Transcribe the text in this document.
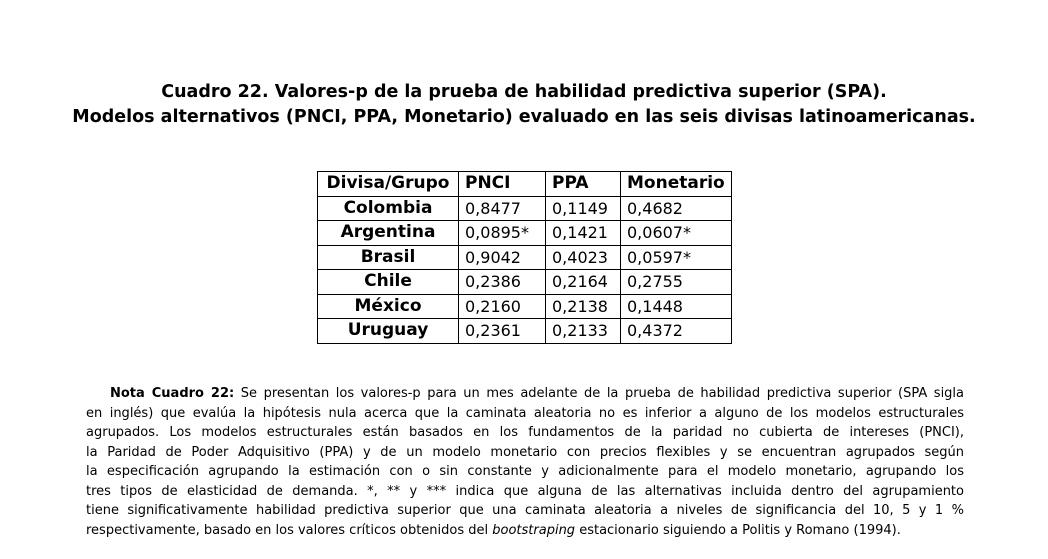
Cuadro 22. Valores-p de la prueba de habilidad predictiva superior (SPA).
Modelos alternativos (PNCI, PPA, Monetario) evaluado en las seis divisas latinoamericanas.
Divisa/Grupo	PNCI	PPA	Monetario
Colombia	0,8477	0,1149	0,4682
Argentina	0,0895*	0,1421	0,0607*
Brasil	0,9042	0,4023	0,0597*
Chile	0,2386	0,2164	0,2755
México	0,2160	0,2138	0,1448
Uruguay	0,2361	0,2133	0,4372
Nota Cuadro 22: Se presentan los valores-p para un mes adelante de la prueba de habilidad predictiva superior (SPA sigla
en inglés) que evalúa la hipótesis nula acerca que la caminata aleatoria no es inferior a alguno de los modelos estructurales
agrupados. Los modelos estructurales están basados en los fundamentos de la paridad no cubierta de intereses (PNCI),
la Paridad de Poder Adquisitivo (PPA) y de un modelo monetario con precios flexibles y se encuentran agrupados según
la especificación agrupando la estimación con o sin constante y adicionalmente para el modelo monetario, agrupando los
tres tipos de elasticidad de demanda. *, ** y *** indica que alguna de las alternativas incluida dentro del agrupamiento
tiene significativamente habilidad predictiva superior que una caminata aleatoria a niveles de significancia del 10, 5 y 1 %
respectivamente, basado en los valores críticos obtenidos del bootstraping estacionario siguiendo a Politis y Romano (1994).
